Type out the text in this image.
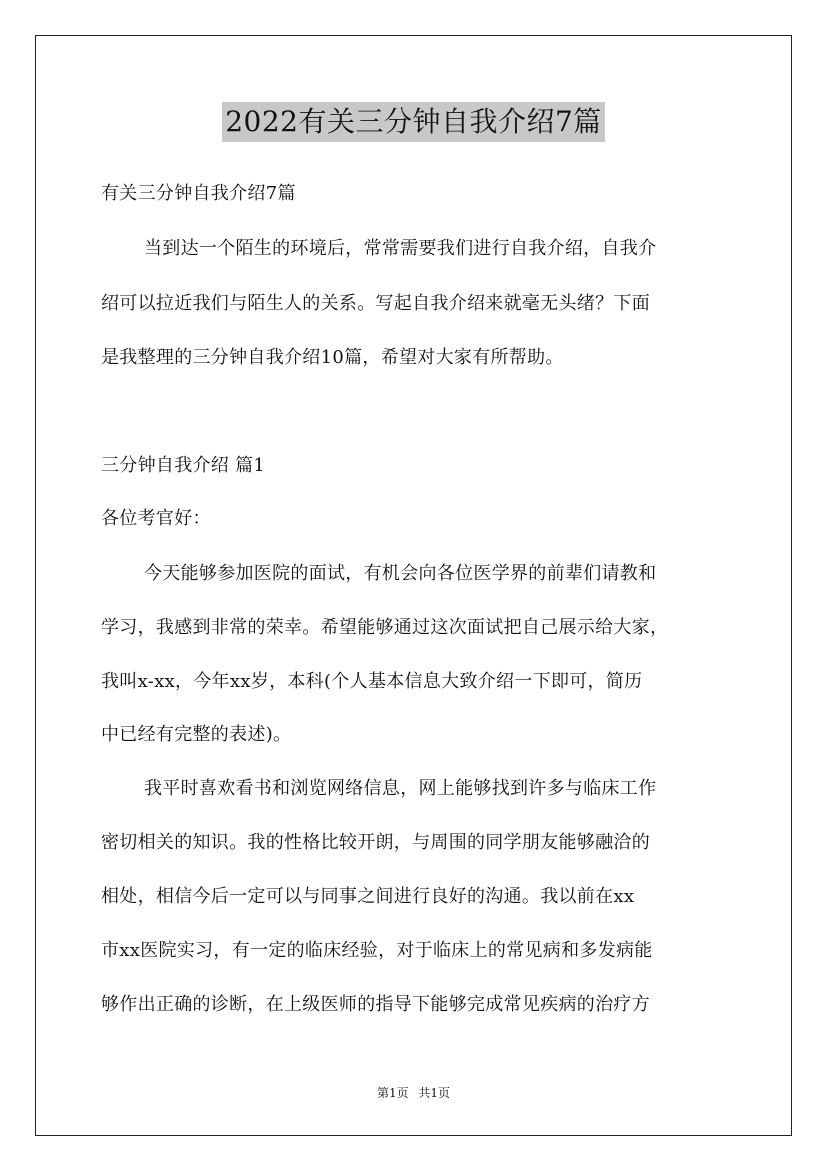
2022有关三分钟自我介绍7篇
有关三分钟自我介绍7篇
当到达一个陌生的环境后，常常需要我们进行自我介绍，自我介
绍可以拉近我们与陌生人的关系。写起自我介绍来就毫无头绪？下面
是我整理的三分钟自我介绍10篇，希望对大家有所帮助。
三分钟自我介绍 篇1
各位考官好：
今天能够参加医院的面试，有机会向各位医学界的前辈们请教和
学习，我感到非常的荣幸。希望能够通过这次面试把自己展示给大家，
我叫x-xx，今年xx岁，本科(个人基本信息大致介绍一下即可，简历
中已经有完整的表述)。
我平时喜欢看书和浏览网络信息，网上能够找到许多与临床工作
密切相关的知识。我的性格比较开朗，与周围的同学朋友能够融洽的
相处，相信今后一定可以与同事之间进行良好的沟通。我以前在xx
市xx医院实习，有一定的临床经验，对于临床上的常见病和多发病能
够作出正确的诊断，在上级医师的指导下能够完成常见疾病的治疗方
第1页 共1页
